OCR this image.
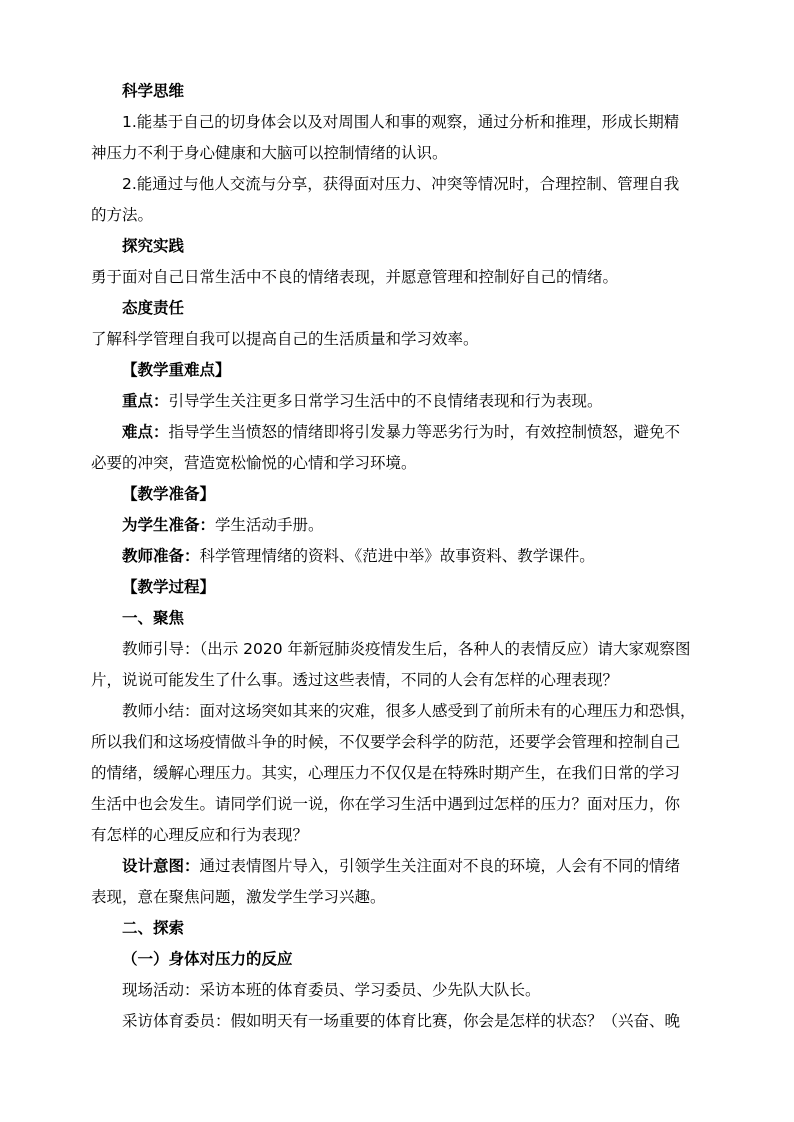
科学思维
1.能基于自己的切身体会以及对周围人和事的观察，通过分析和推理，形成长期精
神压力不利于身心健康和大脑可以控制情绪的认识。
2.能通过与他人交流与分享，获得面对压力、冲突等情况时，合理控制、管理自我
的方法。
探究实践
勇于面对自己日常生活中不良的情绪表现，并愿意管理和控制好自己的情绪。
态度责任
了解科学管理自我可以提高自己的生活质量和学习效率。
【教学重难点】
重点：引导学生关注更多日常学习生活中的不良情绪表现和行为表现。
难点：指导学生当愤怒的情绪即将引发暴力等恶劣行为时，有效控制愤怒，避免不
必要的冲突，营造宽松愉悦的心情和学习环境。
【教学准备】
为学生准备：学生活动手册。
教师准备：科学管理情绪的资料、《范进中举》故事资料、教学课件。
【教学过程】
一、聚焦
教师引导：（出示 2020 年新冠肺炎疫情发生后，各种人的表情反应）请大家观察图
片，说说可能发生了什么事。透过这些表情，不同的人会有怎样的心理表现？
教师小结：面对这场突如其来的灾难，很多人感受到了前所未有的心理压力和恐惧，
所以我们和这场疫情做斗争的时候，不仅要学会科学的防范，还要学会管理和控制自己
的情绪，缓解心理压力。其实，心理压力不仅仅是在特殊时期产生，在我们日常的学习
生活中也会发生。请同学们说一说，你在学习生活中遇到过怎样的压力？面对压力，你
有怎样的心理反应和行为表现？
设计意图：通过表情图片导入，引领学生关注面对不良的环境，人会有不同的情绪
表现，意在聚焦问题，激发学生学习兴趣。
二、探索
（一）身体对压力的反应
现场活动：采访本班的体育委员、学习委员、少先队大队长。
采访体育委员：假如明天有一场重要的体育比赛，你会是怎样的状态？（兴奋、晚
